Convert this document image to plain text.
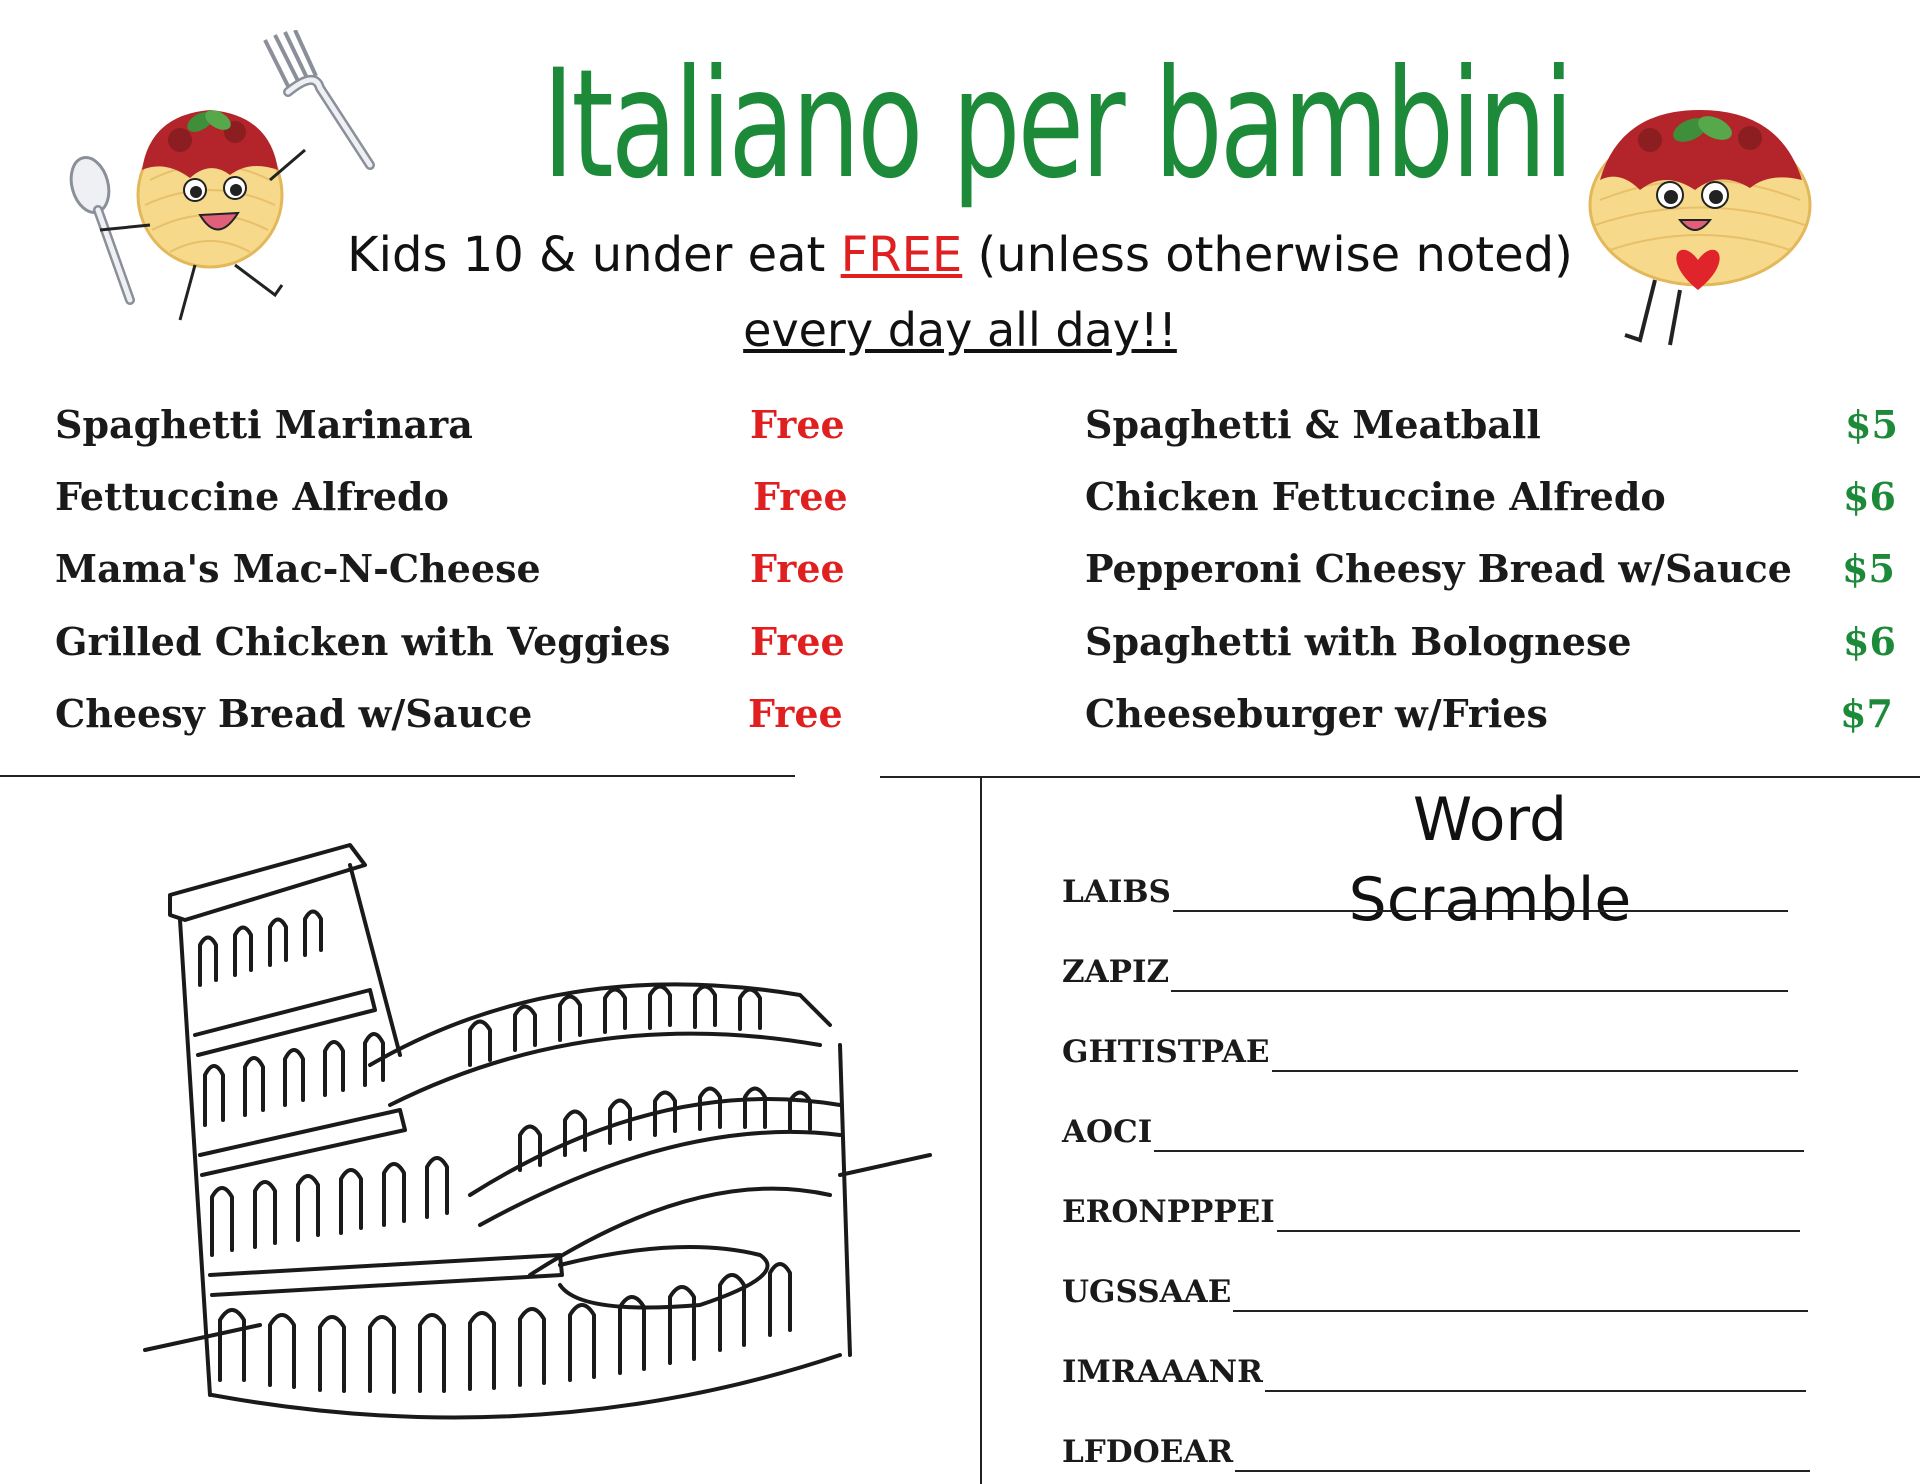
Italiano per bambini
Kids 10 & under eat FREE (unless otherwise noted)
every day all day!!
Spaghetti Marinara	Free
Fettuccine Alfredo	Free
Mama's Mac-N-Cheese	Free
Grilled Chicken with Veggies Free
Cheesy Bread w/Sauce	Free
Spaghetti & Meatball	$5
Chicken Fettuccine Alfredo	$6
Pepperoni Cheesy Bread w/Sauce $5
Spaghetti with Bolognese	$6
Cheeseburger w/Fries	$7
Word Scramble
LAIBS
ZAPIZ
GHTISTPAE
AOCI
ERONPPPEI
UGSSAAE
IMRAAANR
LFDOEAR
